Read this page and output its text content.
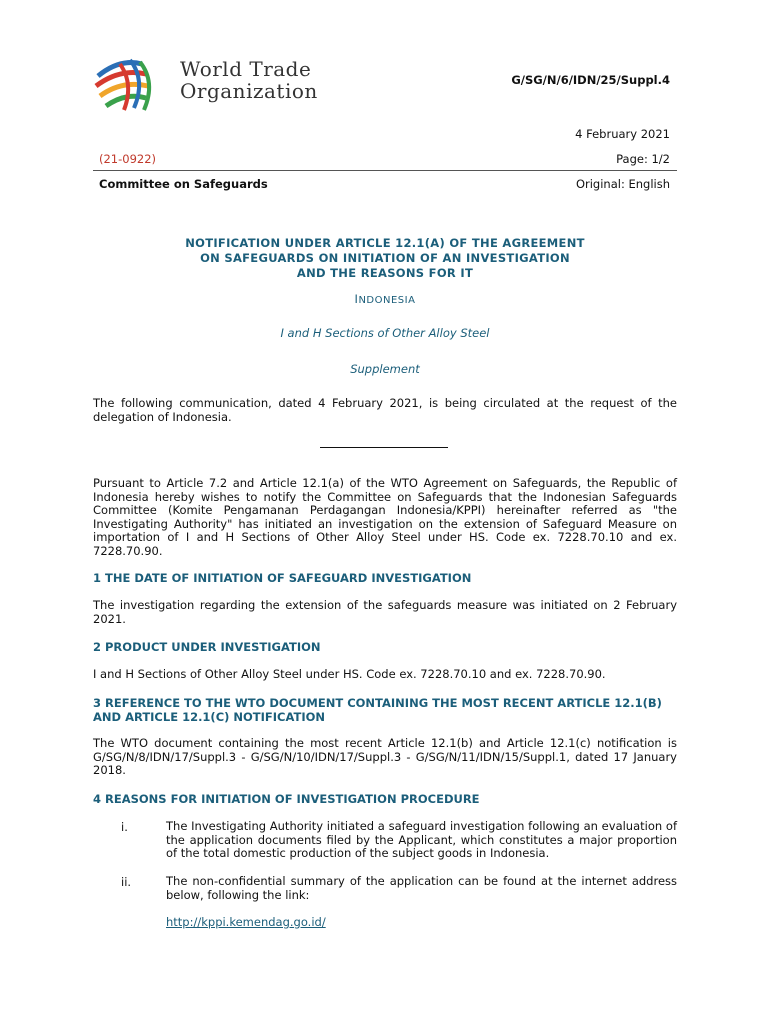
World Trade
Organization	G/SG/N/6/IDN/25/Suppl.4
4 February 2021
(21-0922)	Page: 1/2
Committee on Safeguards	Original: English
NOTIFICATION UNDER ARTICLE 12.1(A) OF THE AGREEMENT
ON SAFEGUARDS ON INITIATION OF AN INVESTIGATION
AND THE REASONS FOR IT
INDONESIA
I and H Sections of Other Alloy Steel
Supplement
The following communication, dated 4 February 2021, is being circulated at the request of the delegation of Indonesia.
Pursuant to Article 7.2 and Article 12.1(a) of the WTO Agreement on Safeguards, the Republic of Indonesia hereby wishes to notify the Committee on Safeguards that the Indonesian Safeguards Committee (Komite Pengamanan Perdagangan Indonesia/KPPI) hereinafter referred as "the Investigating Authority" has initiated an investigation on the extension of Safeguard Measure on importation of I and H Sections of Other Alloy Steel under HS. Code ex. 7228.70.10 and ex. 7228.70.90.
1 THE DATE OF INITIATION OF SAFEGUARD INVESTIGATION
The investigation regarding the extension of the safeguards measure was initiated on 2 February 2021.
2 PRODUCT UNDER INVESTIGATION
I and H Sections of Other Alloy Steel under HS. Code ex. 7228.70.10 and ex. 7228.70.90.
3 REFERENCE TO THE WTO DOCUMENT CONTAINING THE MOST RECENT ARTICLE 12.1(B) AND ARTICLE 12.1(C) NOTIFICATION
The WTO document containing the most recent Article 12.1(b) and Article 12.1(c) notification is G/SG/N/8/IDN/17/Suppl.3 - G/SG/N/10/IDN/17/Suppl.3 - G/SG/N/11/IDN/15/Suppl.1, dated 17 January 2018.
4 REASONS FOR INITIATION OF INVESTIGATION PROCEDURE
i.	The Investigating Authority initiated a safeguard investigation following an evaluation of the application documents filed by the Applicant, which constitutes a major proportion of the total domestic production of the subject goods in Indonesia.
ii.	The non-confidential summary of the application can be found at the internet address below, following the link:
http://kppi.kemendag.go.id/
